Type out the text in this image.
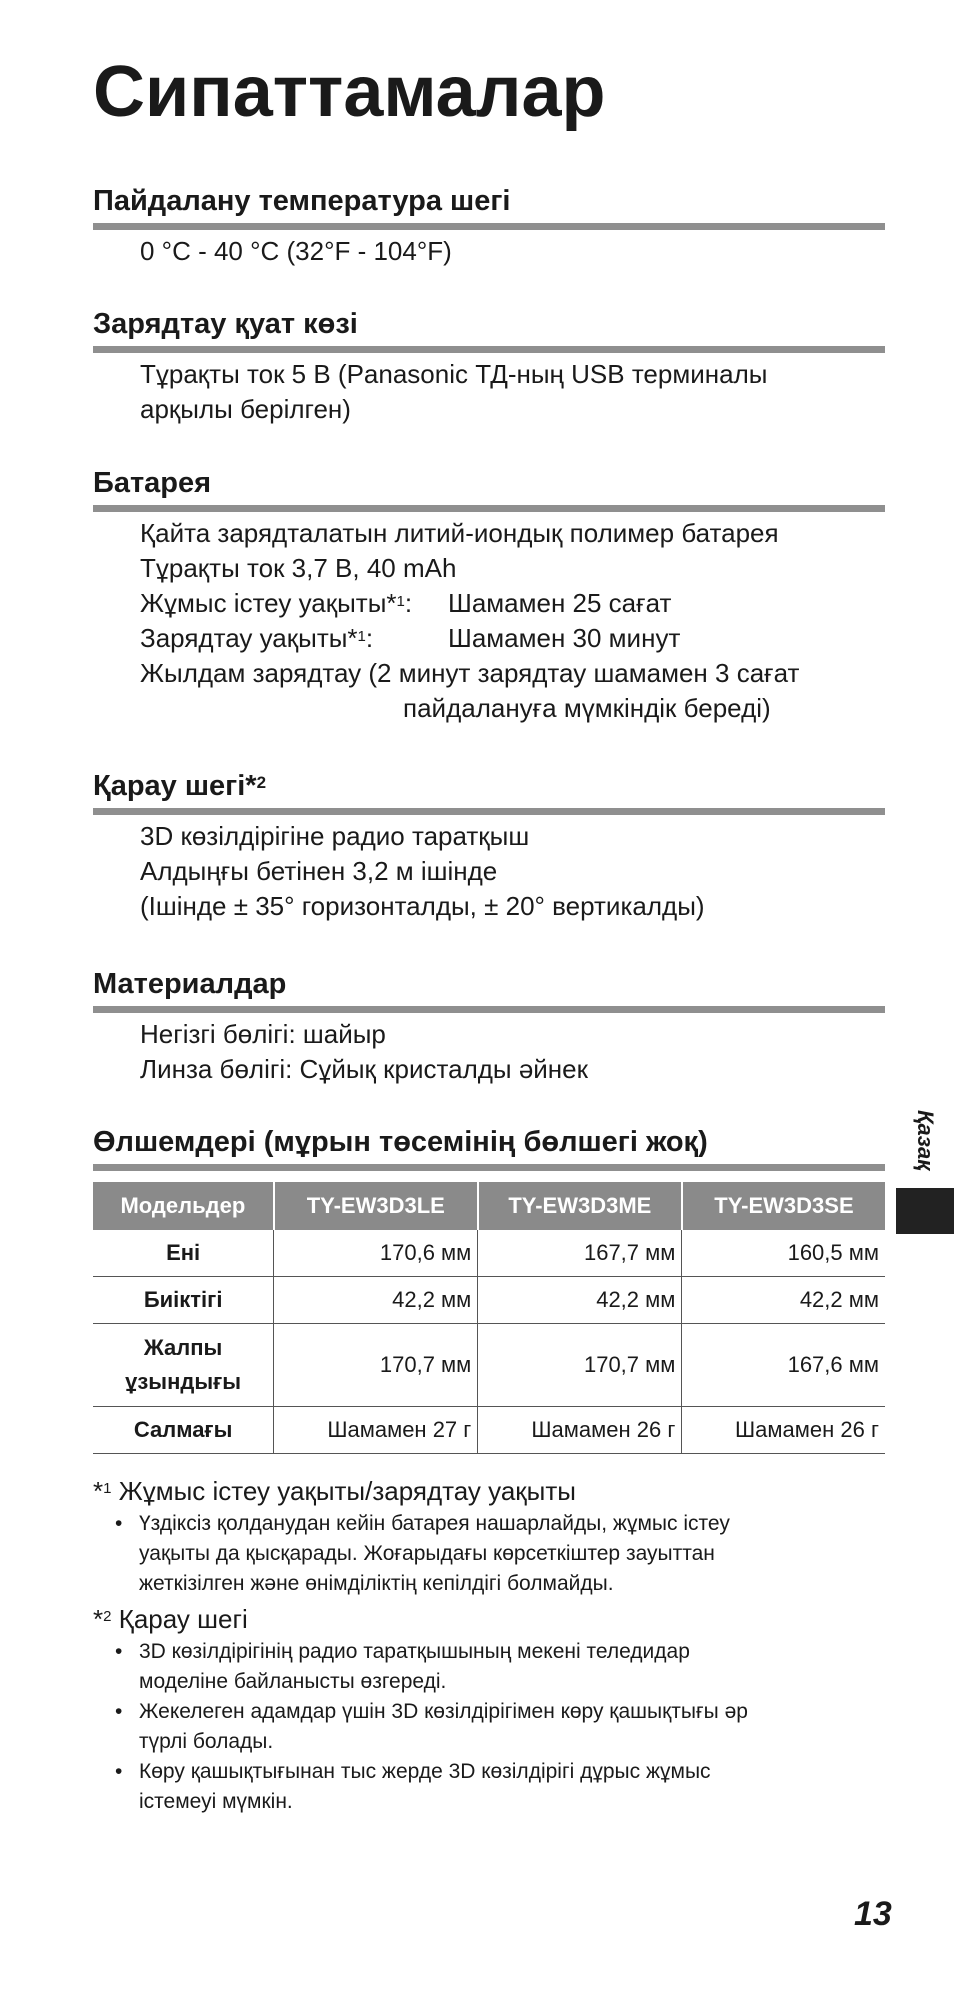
Сипаттамалар
Пайдалану температура шегі
0 °C - 40 °C (32°F - 104°F)
Зарядтау қуат көзі
Тұрақты ток 5 В (Panasonic ТД-ның USB терминалы
арқылы берілген)
Батарея
Қайта зарядталатын литий-иондық полимер батарея
Тұрақты ток 3,7 В, 40 mAh
Жұмыс істеу уақыты*$^1$:	Шамамен 25 сағат
Зарядтау уақыты*$^1$:	Шамамен 30 минут
Жылдам зарядтау (2 минут зарядтау шамамен 3 сағат
пайдалануға мүмкіндік береді)
Қарау шегі*$^2$
3D көзілдірігіне радио таратқыш
Алдыңғы бетінен 3,2 м ішінде
(Ішінде ± 35° горизонталды, ± 20° вертикалды)
Материалдар
Негізгі бөлігі: шайыр
Линза бөлігі: Сұйық кристалды әйнек
Өлшемдері (мұрын төсемінің бөлшегі жоқ)
Модельдер	TY-EW3D3LE	TY-EW3D3ME	TY-EW3D3SE
Ені	170,6 мм	167,7 мм	160,5 мм
Биіктігі	42,2 мм	42,2 мм	42,2 мм

Жалпы
ұзындығы	170,7 мм	170,7 мм	167,6 мм
Салмағы	Шамамен 27 г	Шамамен 26 г	Шамамен 26 г
*$^1$ Жұмыс істеу уақыты/зарядтау уақыты
• Үздіксіз қолданудан кейін батарея нашарлайды, жұмыс істеу
уақыты да қысқарады. Жоғарыдағы көрсеткіштер зауыттан
жеткізілген және өнімділіктің кепілдігі болмайды.
*$^2$ Қарау шегі
• 3D көзілдірігінің радио таратқышының мекені теледидар
моделіне байланысты өзгереді.
• Жекелеген адамдар үшін 3D көзілдірігімен көру қашықтығы әр
түрлі болады.
• Көру қашықтығынан тыс жерде 3D көзілдірігі дұрыс жұмыс
істемеуі мүмкін.
Қазақ
13
